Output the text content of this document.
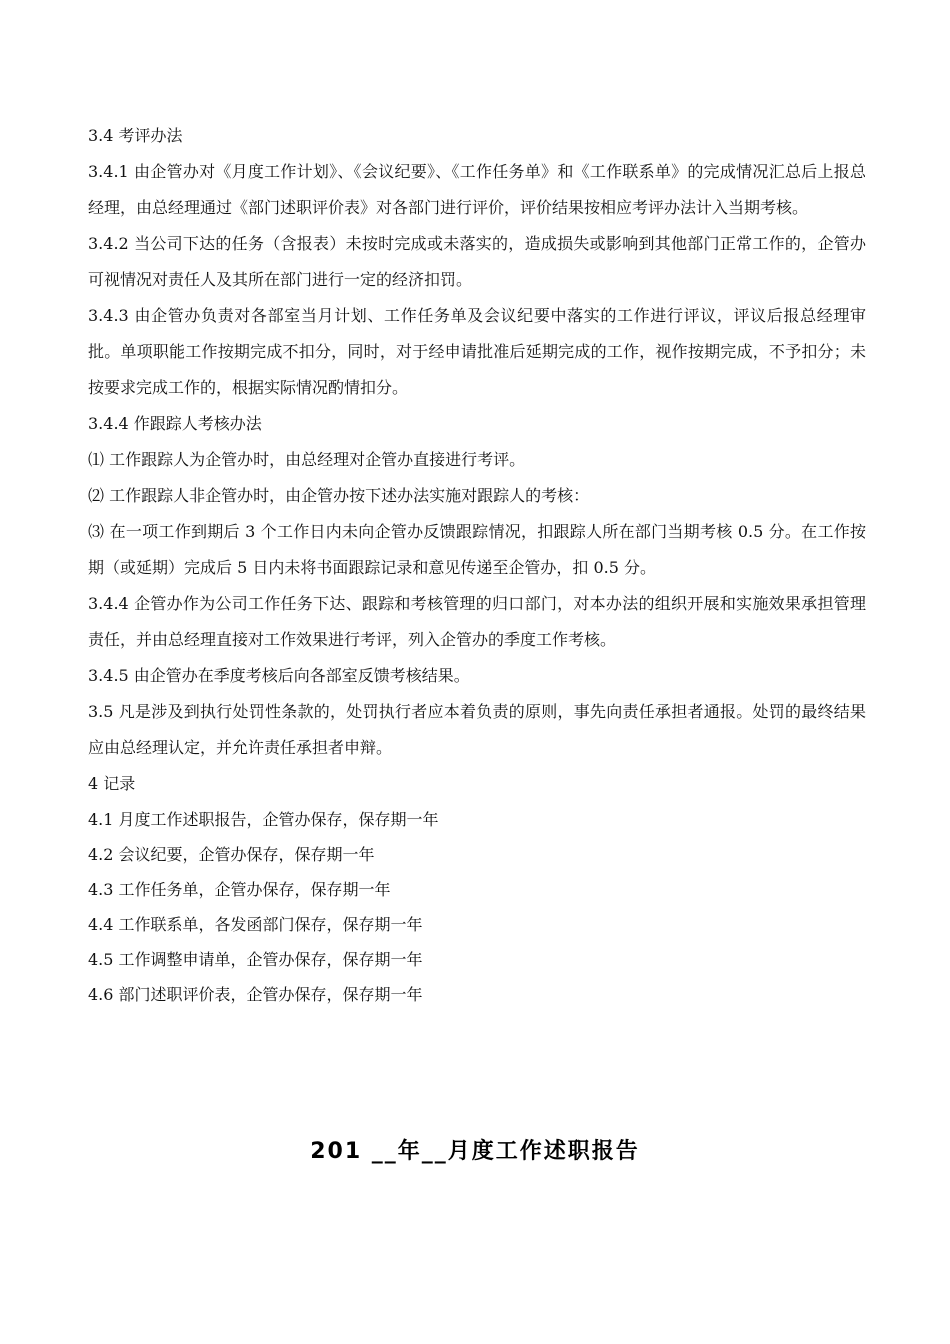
3.4 考评办法

3.4.1 由企管办对《月度工作计划》、《会议纪要》、《工作任务单》和《工作联系单》的完成情况汇总后上报总经理，由总经理通过《部门述职评价表》对各部门进行评价，评价结果按相应考评办法计入当期考核。

3.4.2 当公司下达的任务（含报表）未按时完成或未落实的，造成损失或影响到其他部门正常工作的，企管办可视情况对责任人及其所在部门进行一定的经济扣罚。

3.4.3 由企管办负责对各部室当月计划、工作任务单及会议纪要中落实的工作进行评议，评议后报总经理审批。单项职能工作按期完成不扣分，同时，对于经申请批准后延期完成的工作，视作按期完成，不予扣分；未按要求完成工作的，根据实际情况酌情扣分。

3.4.4 作跟踪人考核办法

⑴ 工作跟踪人为企管办时，由总经理对企管办直接进行考评。

⑵ 工作跟踪人非企管办时，由企管办按下述办法实施对跟踪人的考核：

⑶ 在一项工作到期后 3 个工作日内未向企管办反馈跟踪情况，扣跟踪人所在部门当期考核 0.5 分。在工作按期（或延期）完成后 5 日内未将书面跟踪记录和意见传递至企管办，扣 0.5 分。

3.4.4 企管办作为公司工作任务下达、跟踪和考核管理的归口部门，对本办法的组织开展和实施效果承担管理责任，并由总经理直接对工作效果进行考评，列入企管办的季度工作考核。

3.4.5 由企管办在季度考核后向各部室反馈考核结果。

3.5 凡是涉及到执行处罚性条款的，处罚执行者应本着负责的原则，事先向责任承担者通报。处罚的最终结果应由总经理认定，并允许责任承担者申辩。

4 记录

4.1 月度工作述职报告，企管办保存，保存期一年

4.2 会议纪要，企管办保存，保存期一年

4.3 工作任务单，企管办保存，保存期一年

4.4 工作联系单，各发函部门保存，保存期一年

4.5 工作调整申请单，企管办保存，保存期一年

4.6 部门述职评价表，企管办保存，保存期一年

201 __年__月度工作述职报告
